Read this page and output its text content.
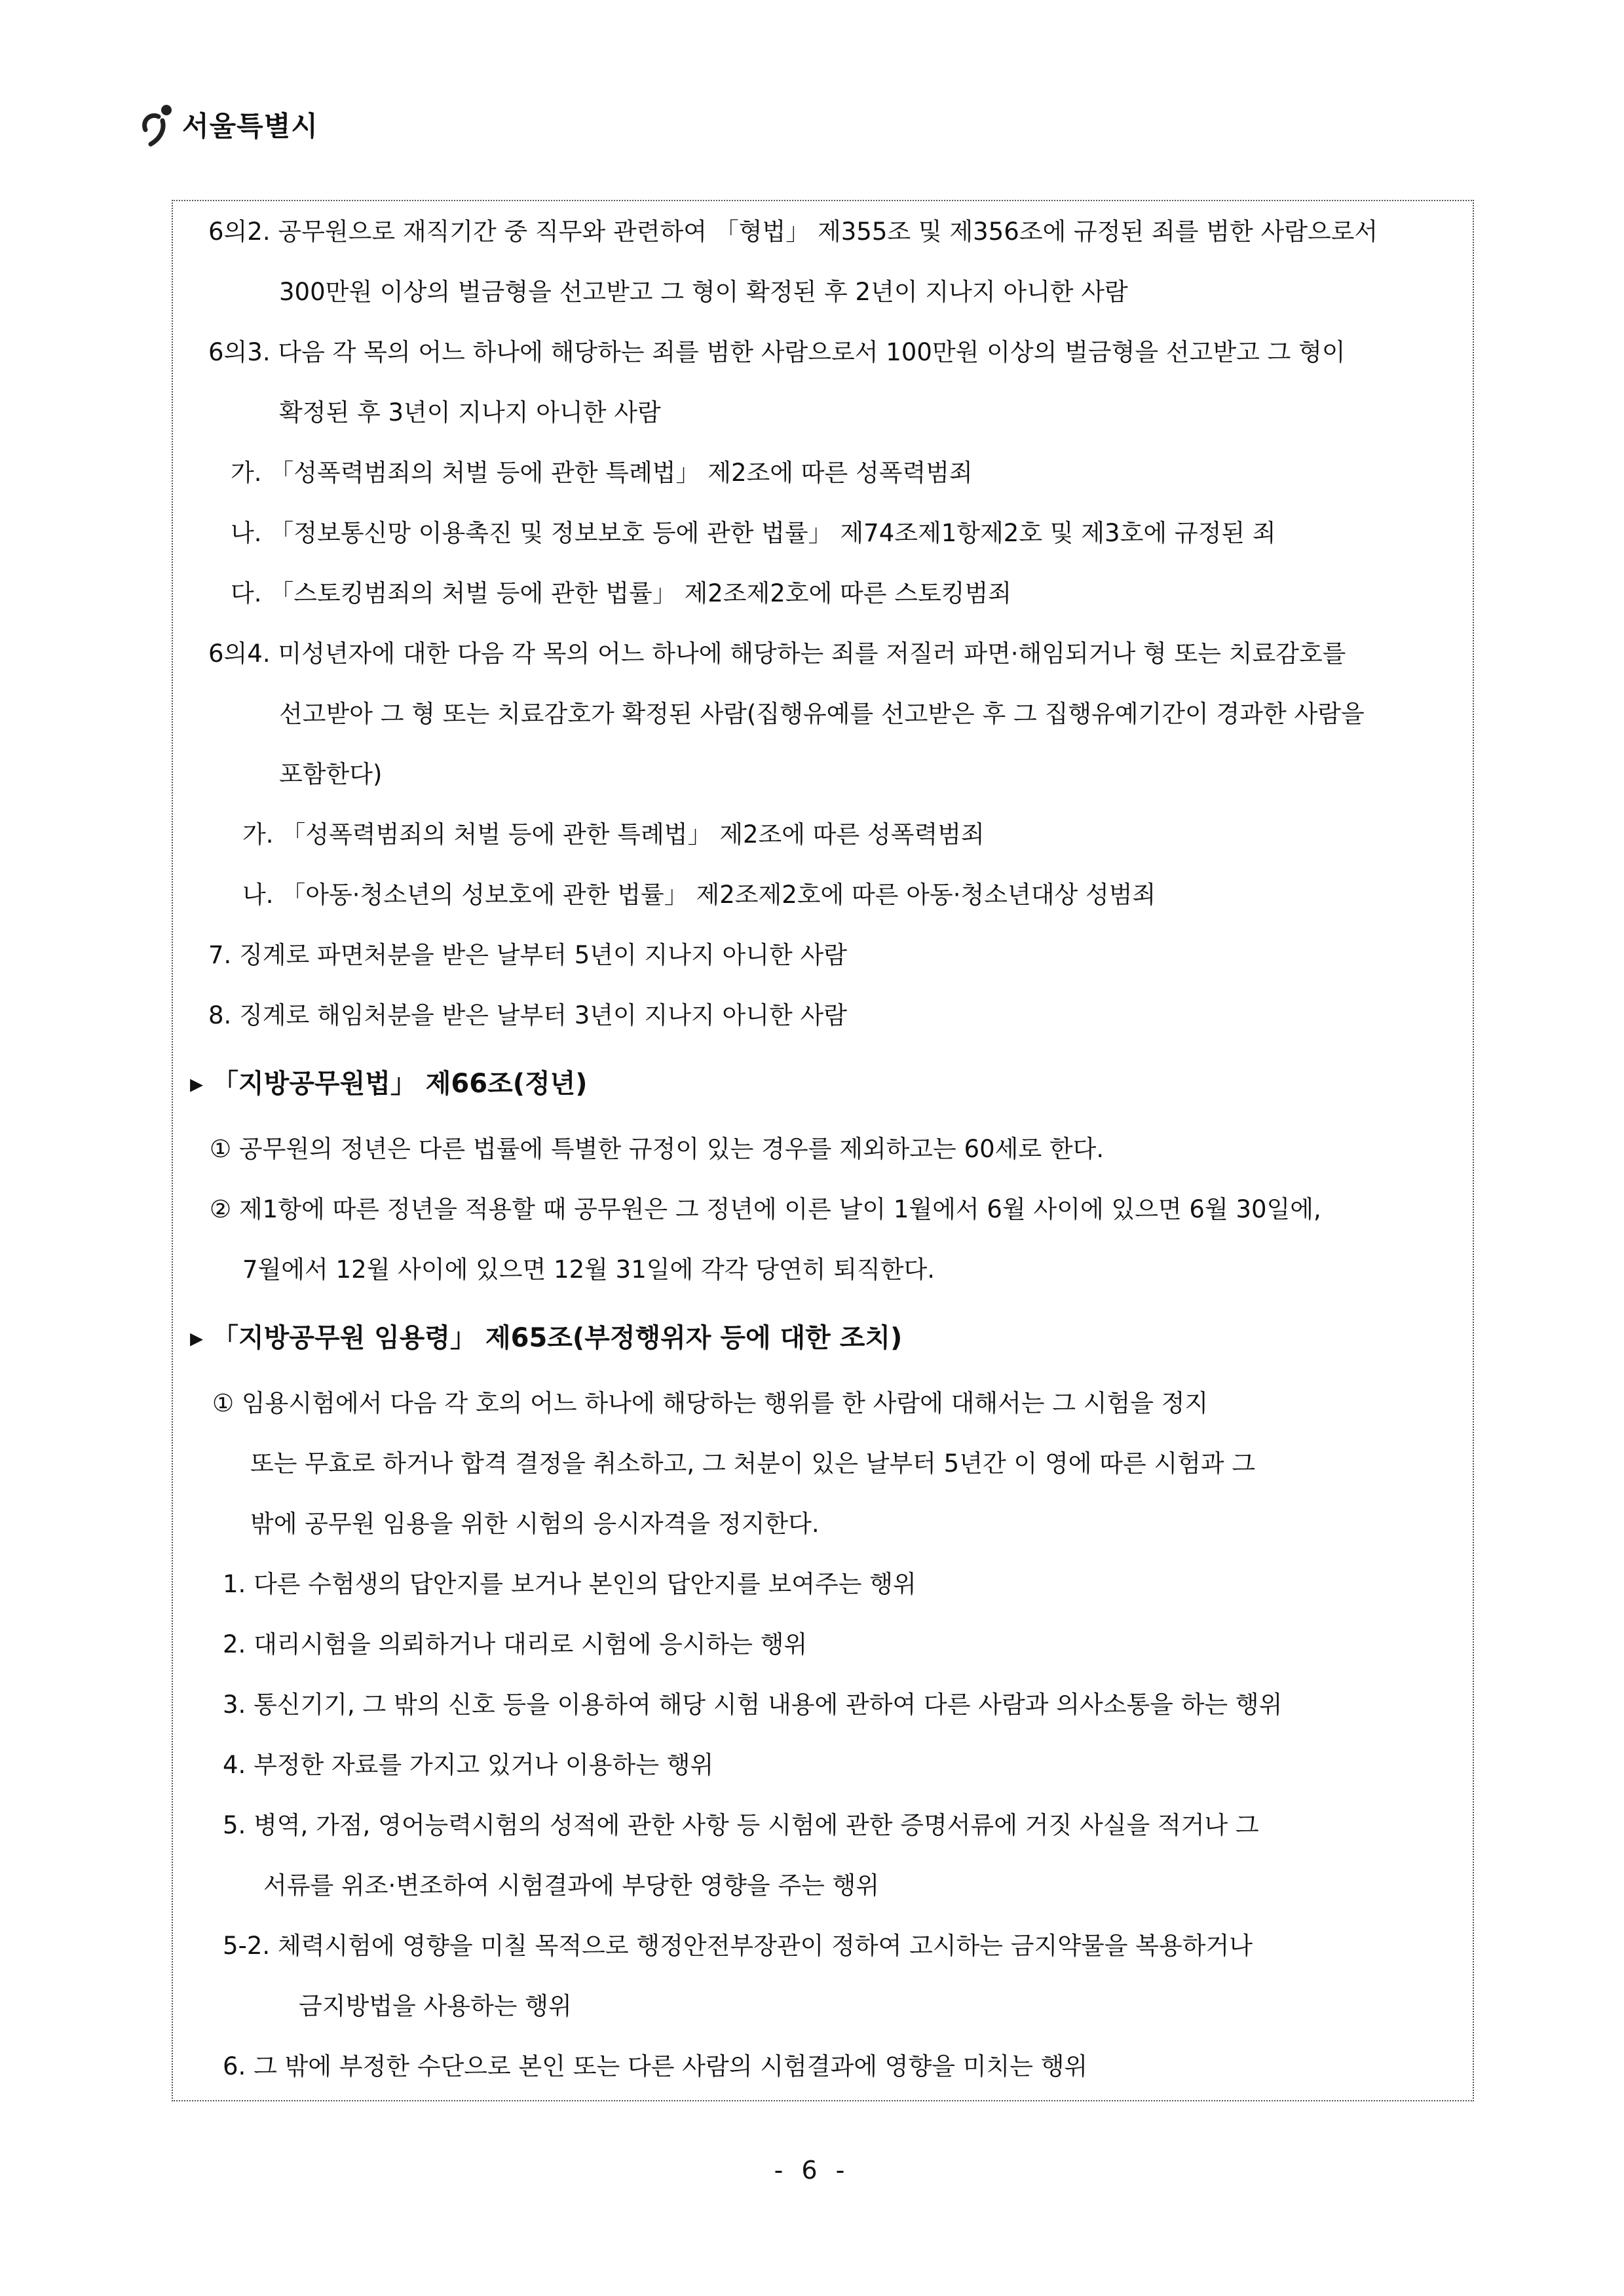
서울특별시
6의2. 공무원으로 재직기간 중 직무와 관련하여 「형법」 제355조 및 제356조에 규정된 죄를 범한 사람으로서
300만원 이상의 벌금형을 선고받고 그 형이 확정된 후 2년이 지나지 아니한 사람
6의3. 다음 각 목의 어느 하나에 해당하는 죄를 범한 사람으로서 100만원 이상의 벌금형을 선고받고 그 형이
확정된 후 3년이 지나지 아니한 사람
가. 「성폭력범죄의 처벌 등에 관한 특례법」 제2조에 따른 성폭력범죄
나. 「정보통신망 이용촉진 및 정보보호 등에 관한 법률」 제74조제1항제2호 및 제3호에 규정된 죄
다. 「스토킹범죄의 처벌 등에 관한 법률」 제2조제2호에 따른 스토킹범죄
6의4. 미성년자에 대한 다음 각 목의 어느 하나에 해당하는 죄를 저질러 파면·해임되거나 형 또는 치료감호를
선고받아 그 형 또는 치료감호가 확정된 사람(집행유예를 선고받은 후 그 집행유예기간이 경과한 사람을
포함한다)
가. 「성폭력범죄의 처벌 등에 관한 특례법」 제2조에 따른 성폭력범죄
나. 「아동·청소년의 성보호에 관한 법률」 제2조제2호에 따른 아동·청소년대상 성범죄
7. 징계로 파면처분을 받은 날부터 5년이 지나지 아니한 사람
8. 징계로 해임처분을 받은 날부터 3년이 지나지 아니한 사람
▸ 「지방공무원법」 제66조(정년)
① 공무원의 정년은 다른 법률에 특별한 규정이 있는 경우를 제외하고는 60세로 한다.
② 제1항에 따른 정년을 적용할 때 공무원은 그 정년에 이른 날이 1월에서 6월 사이에 있으면 6월 30일에,
7월에서 12월 사이에 있으면 12월 31일에 각각 당연히 퇴직한다.
▸ 「지방공무원 임용령」 제65조(부정행위자 등에 대한 조치)
① 임용시험에서 다음 각 호의 어느 하나에 해당하는 행위를 한 사람에 대해서는 그 시험을 정지
또는 무효로 하거나 합격 결정을 취소하고, 그 처분이 있은 날부터 5년간 이 영에 따른 시험과 그
밖에 공무원 임용을 위한 시험의 응시자격을 정지한다.
1. 다른 수험생의 답안지를 보거나 본인의 답안지를 보여주는 행위
2. 대리시험을 의뢰하거나 대리로 시험에 응시하는 행위
3. 통신기기, 그 밖의 신호 등을 이용하여 해당 시험 내용에 관하여 다른 사람과 의사소통을 하는 행위
4. 부정한 자료를 가지고 있거나 이용하는 행위
5. 병역, 가점, 영어능력시험의 성적에 관한 사항 등 시험에 관한 증명서류에 거짓 사실을 적거나 그
서류를 위조·변조하여 시험결과에 부당한 영향을 주는 행위
5-2. 체력시험에 영향을 미칠 목적으로 행정안전부장관이 정하여 고시하는 금지약물을 복용하거나
금지방법을 사용하는 행위
6. 그 밖에 부정한 수단으로 본인 또는 다른 사람의 시험결과에 영향을 미치는 행위
- 6 -
